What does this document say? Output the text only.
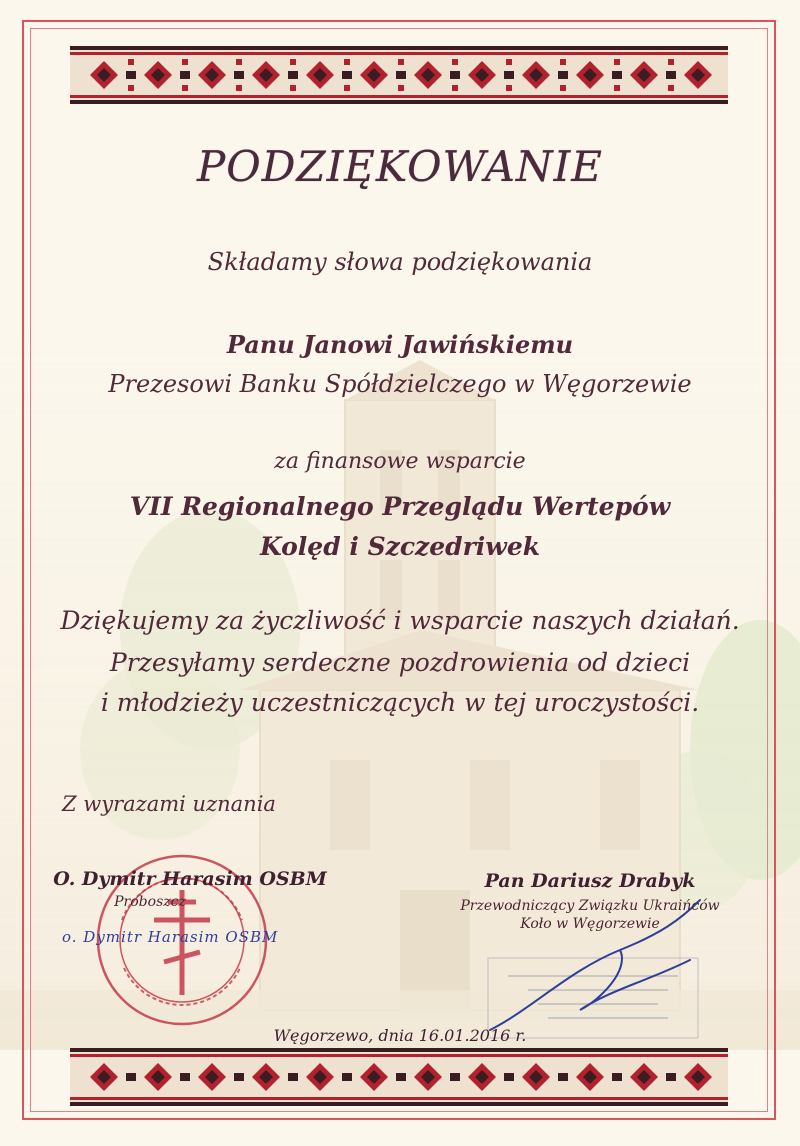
PODZIĘKOWANIE
Składamy słowa podziękowania
Panu Janowi Jawińskiemu
Prezesowi Banku Spółdzielczego w Węgorzewie
za finansowe wsparcie
VII Regionalnego Przeglądu Wertepów
Kolęd i Szczedriwek
Dziękujemy za życzliwość i wsparcie naszych działań.
Przesyłamy serdeczne pozdrowienia od dzieci
i młodzieży uczestniczących w tej uroczystości.
Z wyrazami uznania
O. Dymitr Harasim OSBM
Proboszcz
o. Dymitr Harasim OSBM
Pan Dariusz Drabyk
Przewodniczący Związku Ukraińców
Koło w Węgorzewie
Węgorzewo, dnia 16.01.2016 r.
